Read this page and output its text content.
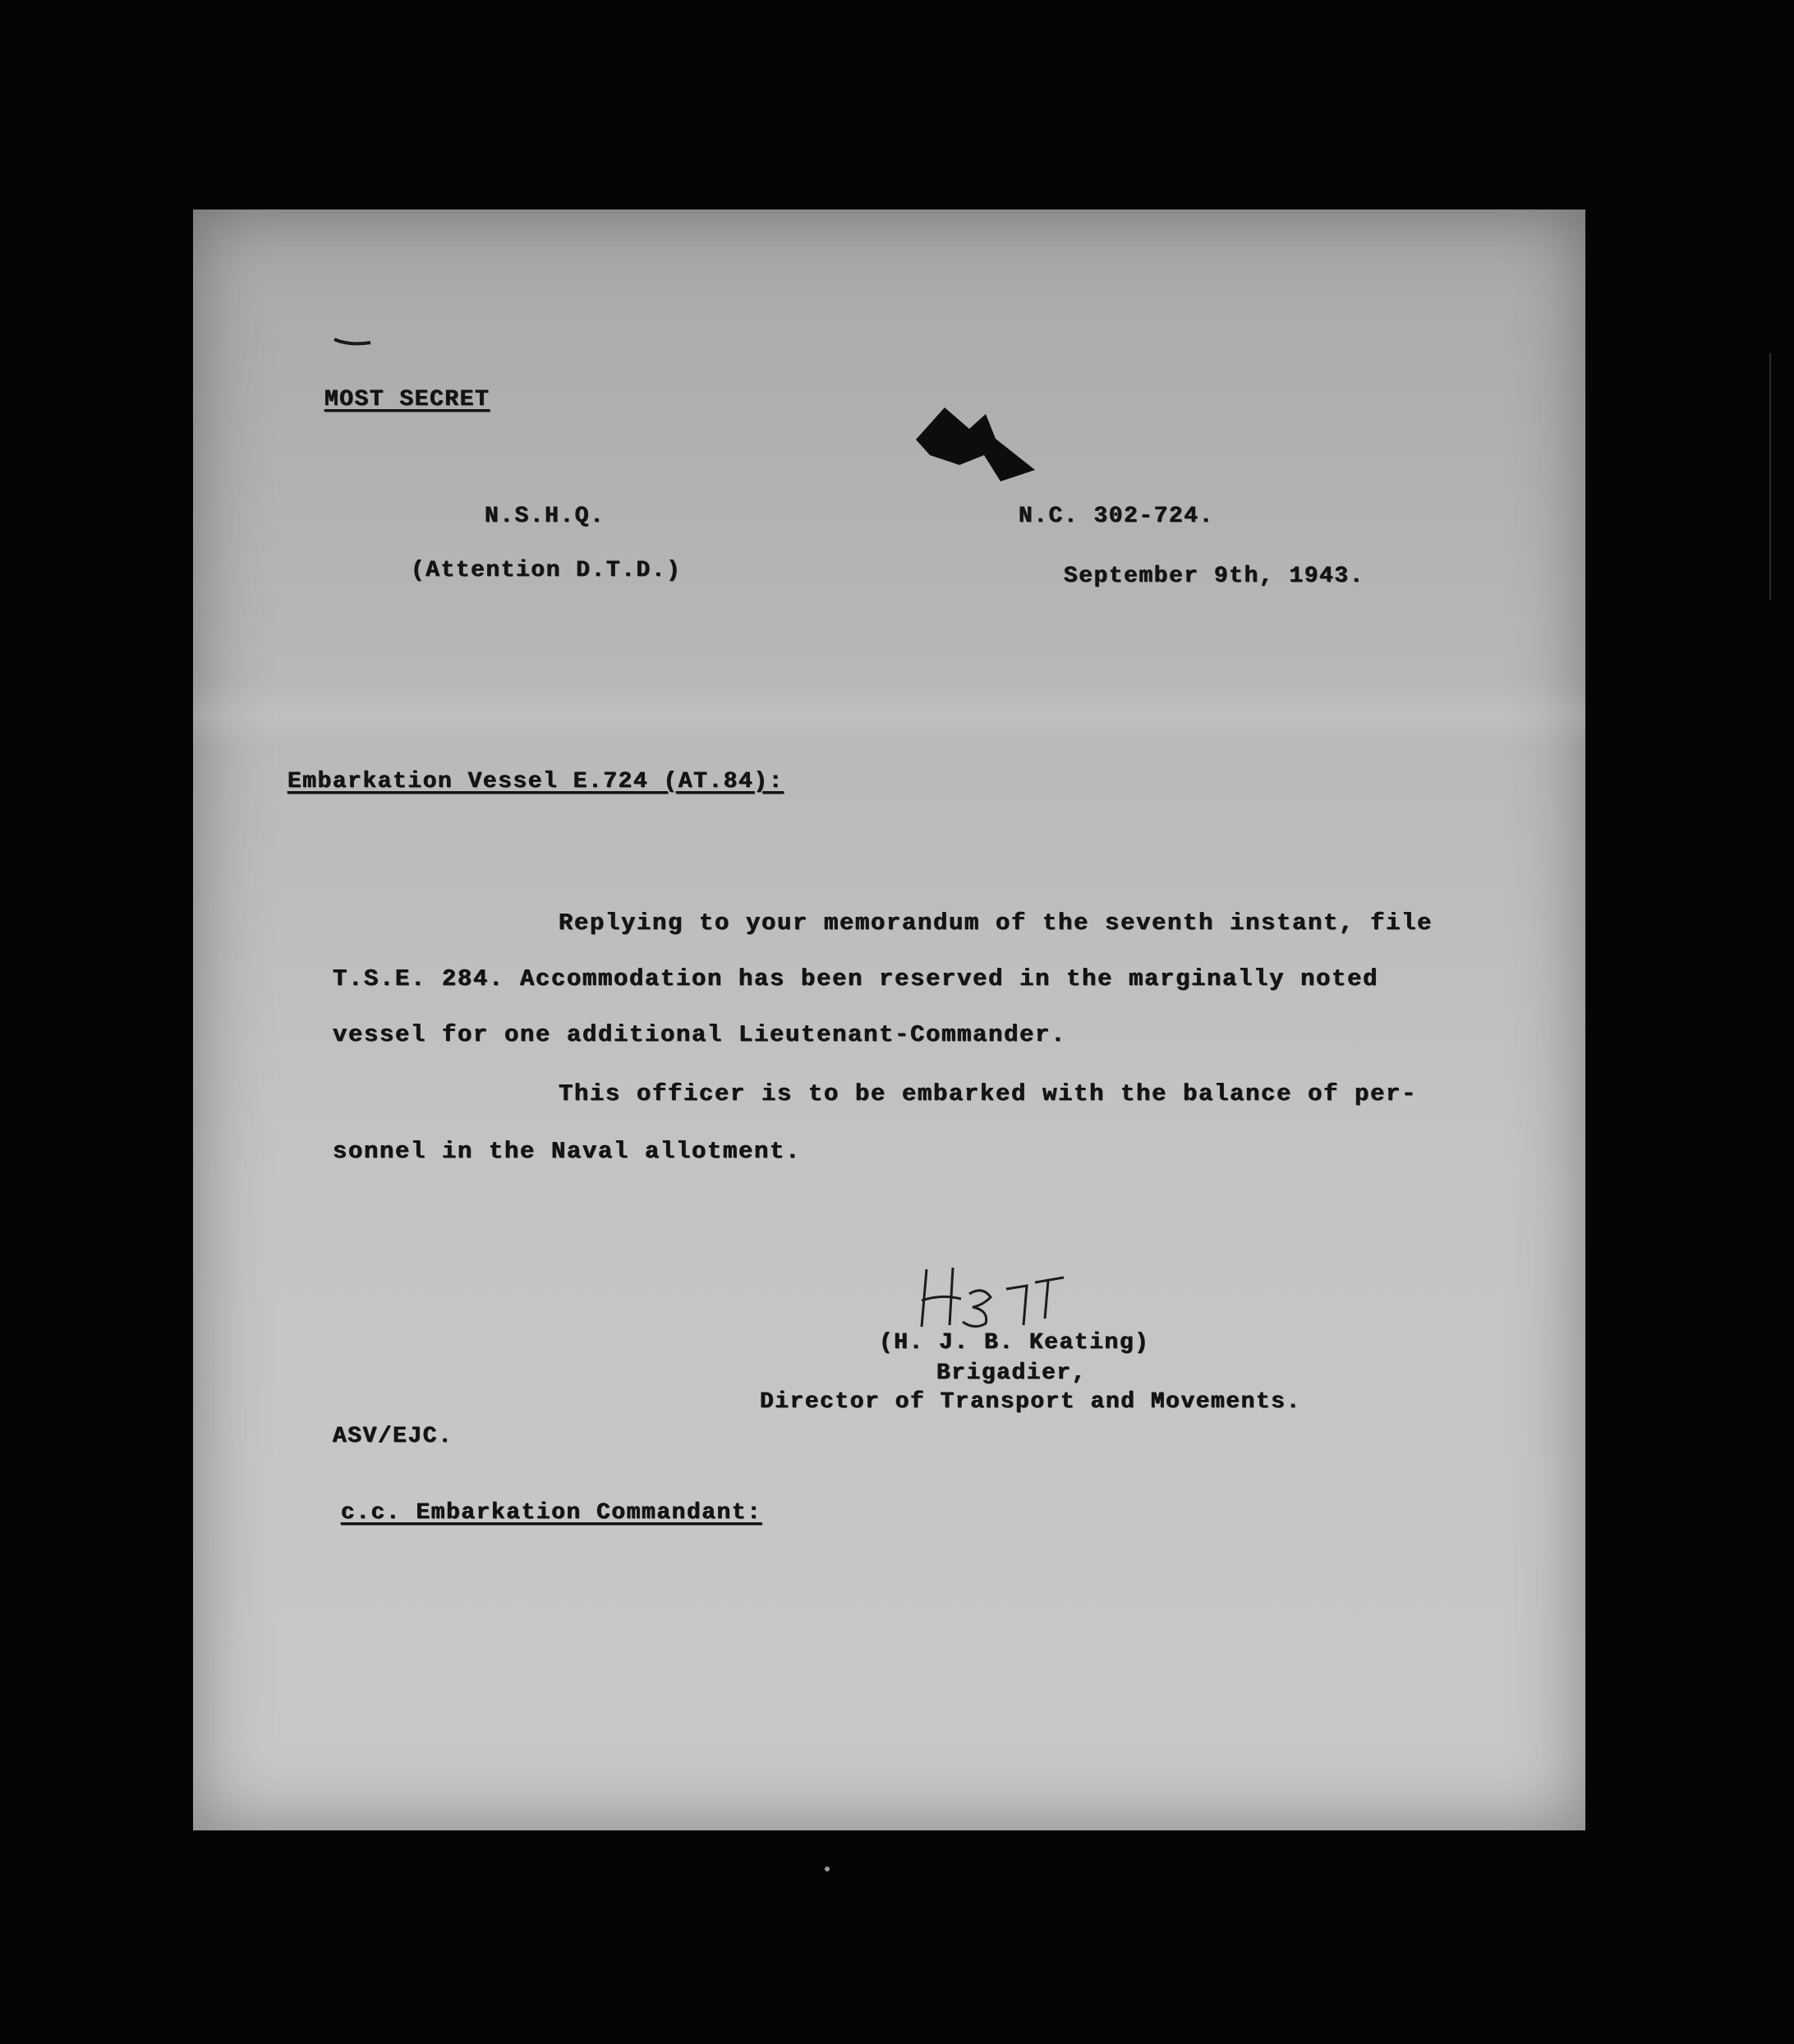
MOST SECRET
N.S.H.Q.
(Attention D.T.D.)
N.C. 302-724.
September 9th, 1943.
Embarkation Vessel E.724 (AT.84):
Replying to your memorandum of the seventh instant, file
T.S.E. 284. Accommodation has been reserved in the marginally noted
vessel for one additional Lieutenant-Commander.
This officer is to be embarked with the balance of per-
sonnel in the Naval allotment.
(H. J. B. Keating)
Brigadier,
Director of Transport and Movements.
ASV/EJC.
c.c. Embarkation Commandant:
